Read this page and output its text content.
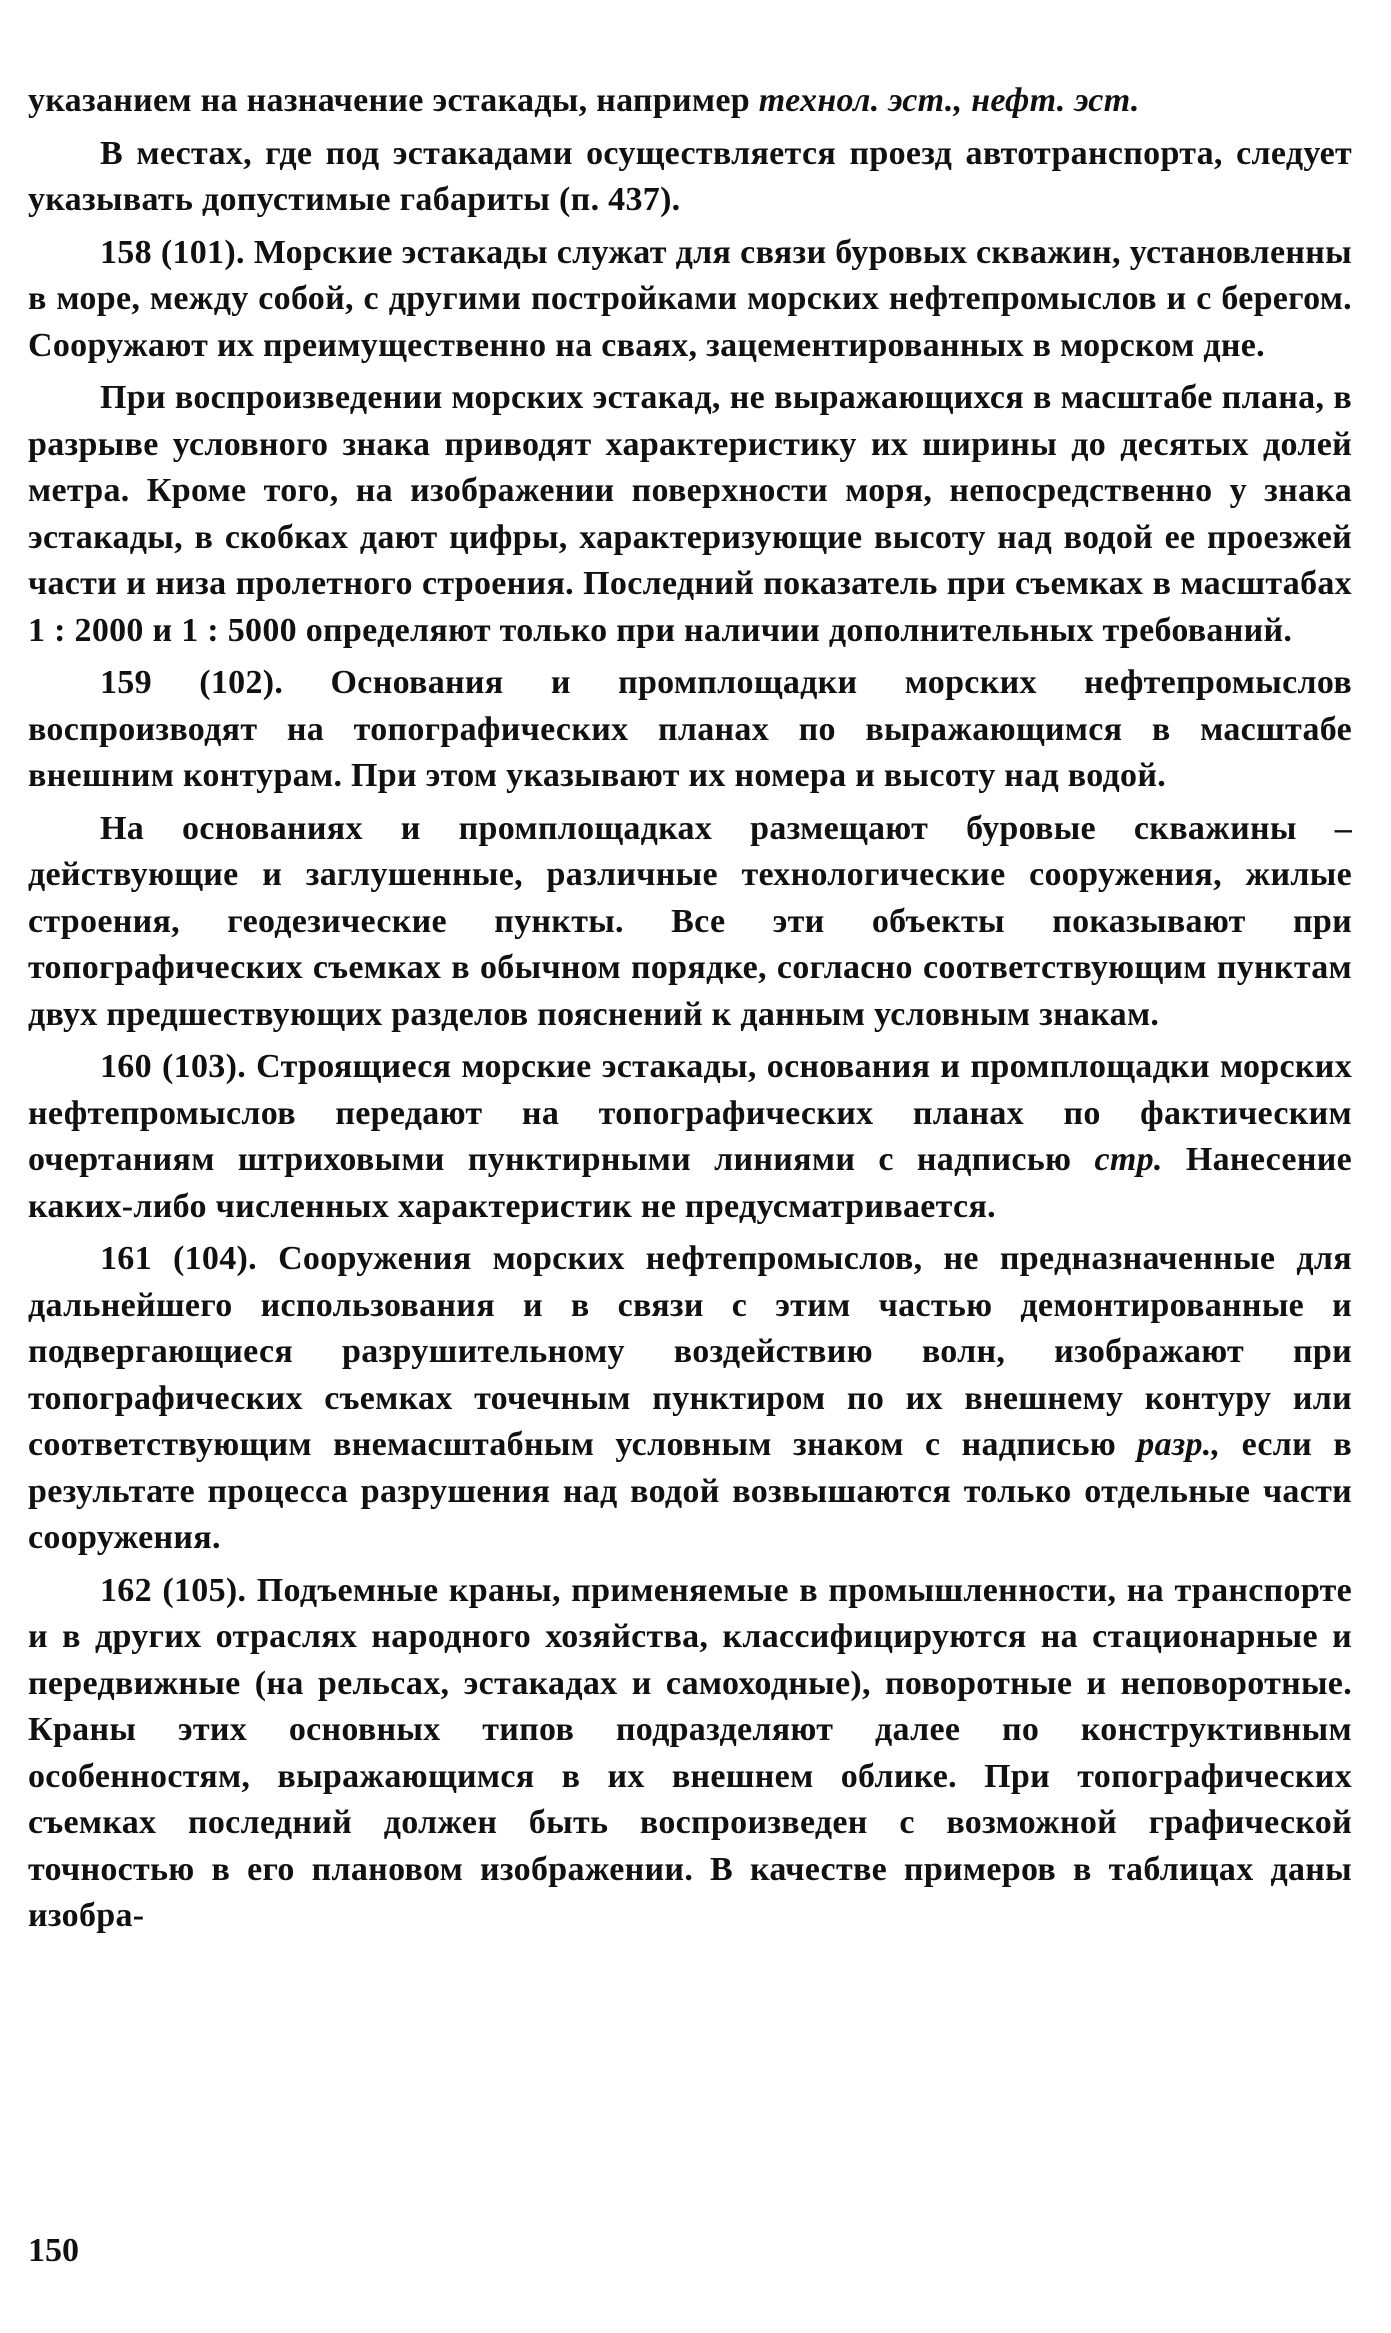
указанием на назначение эстакады, например технол. эст., нефт. эст.

В местах, где под эстакадами осуществляется проезд автотранспорта, следует указывать допустимые габариты (п. 437).

158 (101). Морские эстакады служат для связи буровых скважин, установленны в море, между собой, с другими постройками морских нефтепромыслов и с берегом. Сооружают их преимущественно на сваях, зацементированных в морском дне.

При воспроизведении морских эстакад, не выражающихся в масштабе плана, в разрыве условного знака приводят характеристику их ширины до десятых долей метра. Кроме того, на изображении поверхности моря, непосредственно у знака эстакады, в скобках дают цифры, характеризующие высоту над водой ее проезжей части и низа пролетного строения. Последний показатель при съемках в масштабах 1 : 2000 и 1 : 5000 определяют только при наличии дополнительных требований.

159 (102). Основания и промплощадки морских нефтепромыслов воспроизводят на топографических планах по выражающимся в масштабе внешним контурам. При этом указывают их номера и высоту над водой.

На основаниях и промплощадках размещают буровые скважины – действующие и заглушенные, различные технологические сооружения, жилые строения, геодезические пункты. Все эти объекты показывают при топографических съемках в обычном порядке, согласно соответствующим пунктам двух предшествующих разделов пояснений к данным условным знакам.

160 (103). Строящиеся морские эстакады, основания и промплощадки морских нефтепромыслов передают на топографических планах по фактическим очертаниям штриховыми пунктирными линиями с надписью стр. Нанесение каких-либо численных характеристик не предусматривается.

161 (104). Сооружения морских нефтепромыслов, не предназначенные для дальнейшего использования и в связи с этим частью демонтированные и подвергающиеся разрушительному воздействию волн, изображают при топографических съемках точечным пунктиром по их внешнему контуру или соответствующим внемасштабным условным знаком с надписью разр., если в результате процесса разрушения над водой возвышаются только отдельные части сооружения.

162 (105). Подъемные краны, применяемые в промышленности, на транспорте и в других отраслях народного хозяйства, классифицируются на стационарные и передвижные (на рельсах, эстакадах и самоходные), поворотные и неповоротные. Краны этих основных типов подразделяют далее по конструктивным особенностям, выражающимся в их внешнем облике. При топографических съемках последний должен быть воспроизведен с возможной графической точностью в его плановом изображении. В качестве примеров в таблицах даны изобра-

150
